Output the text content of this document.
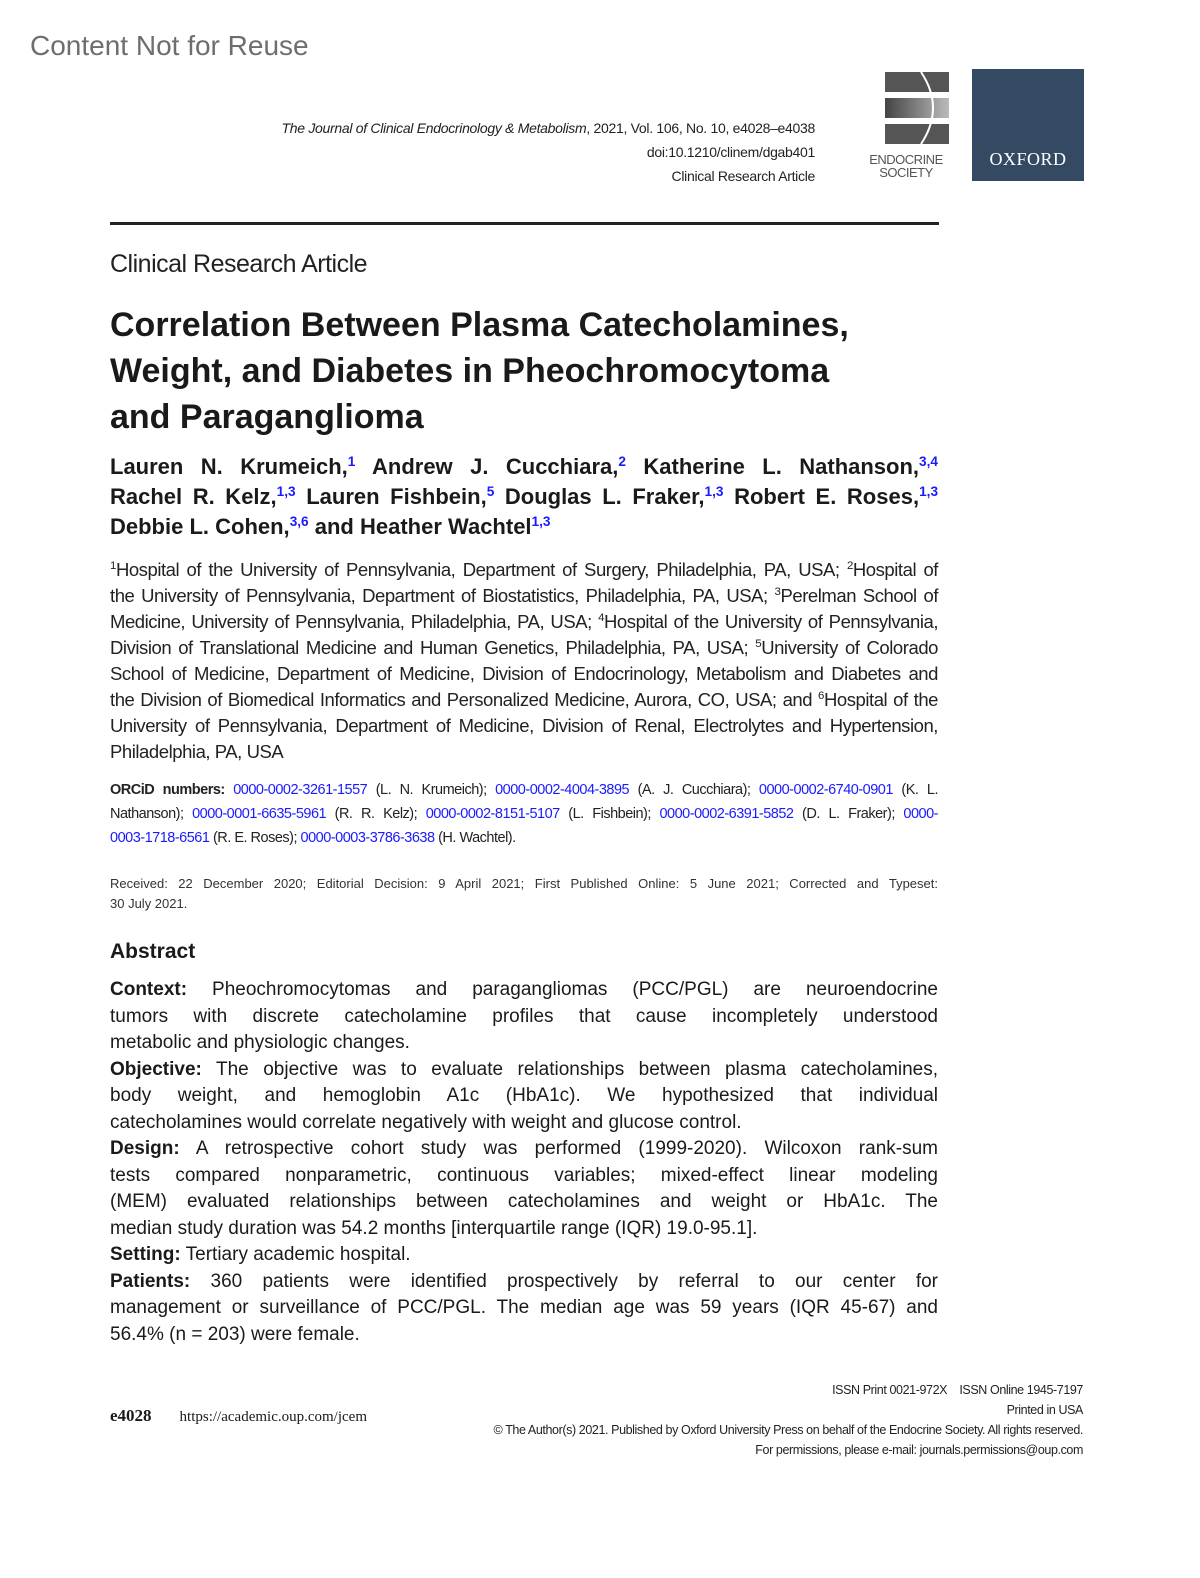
Content Not for Reuse
The Journal of Clinical Endocrinology & Metabolism, 2021, Vol. 106, No. 10, e4028–e4038
doi:10.1210/clinem/dgab401
Clinical Research Article
ENDOCRINE
SOCIETY
OXFORD
Clinical Research Article
Correlation Between Plasma Catecholamines,
Weight, and Diabetes in Pheochromocytoma
and Paraganglioma
Lauren N. Krumeich,$^1$ Andrew J. Cucchiara,$^2$ Katherine L. Nathanson,$^{3,4}$
Rachel R. Kelz,$^{1,3}$ Lauren Fishbein,$^5$ Douglas L. Fraker,$^{1,3}$ Robert E. Roses,$^{1,3}$
Debbie L. Cohen,$^{3,6}$ and Heather Wachtel$^{1,3}$
$^1$Hospital of the University of Pennsylvania, Department of Surgery, Philadelphia, PA, USA; $^2$Hospital of
the University of Pennsylvania, Department of Biostatistics, Philadelphia, PA, USA; $^3$Perelman School of
Medicine, University of Pennsylvania, Philadelphia, PA, USA; $^4$Hospital of the University of Pennsylvania,
Division of Translational Medicine and Human Genetics, Philadelphia, PA, USA; $^5$University of Colorado
School of Medicine, Department of Medicine, Division of Endocrinology, Metabolism and Diabetes and
the Division of Biomedical Informatics and Personalized Medicine, Aurora, CO, USA; and $^6$Hospital of the
University of Pennsylvania, Department of Medicine, Division of Renal, Electrolytes and Hypertension,
Philadelphia, PA, USA
ORCiD numbers: 0000-0002-3261-1557 (L. N. Krumeich); 0000-0002-4004-3895 (A. J. Cucchiara); 0000-0002-6740-0901 (K. L.
Nathanson); 0000-0001-6635-5961 (R. R. Kelz); 0000-0002-8151-5107 (L. Fishbein); 0000-0002-6391-5852 (D. L. Fraker); 0000-
0003-1718-6561 (R. E. Roses); 0000-0003-3786-3638 (H. Wachtel).
Received: 22 December 2020; Editorial Decision: 9 April 2021; First Published Online: 5 June 2021; Corrected and Typeset:
30 July 2021.
Abstract
Context: Pheochromocytomas and paragangliomas (PCC/PGL) are neuroendocrine
tumors with discrete catecholamine profiles that cause incompletely understood
metabolic and physiologic changes.
Objective: The objective was to evaluate relationships between plasma catecholamines,
body weight, and hemoglobin A1c (HbA1c). We hypothesized that individual
catecholamines would correlate negatively with weight and glucose control.
Design: A retrospective cohort study was performed (1999-2020). Wilcoxon rank-sum
tests compared nonparametric, continuous variables; mixed-effect linear modeling
(MEM) evaluated relationships between catecholamines and weight or HbA1c. The
median study duration was 54.2 months [interquartile range (IQR) 19.0-95.1].
Setting: Tertiary academic hospital.
Patients: 360 patients were identified prospectively by referral to our center for
management or surveillance of PCC/PGL. The median age was 59 years (IQR 45-67) and
56.4% (n = 203) were female.
e4028 https://academic.oup.com/jcem
ISSN Print 0021-972X    ISSN Online 1945-7197
Printed in USA
© The Author(s) 2021. Published by Oxford University Press on behalf of the Endocrine Society. All rights reserved.
For permissions, please e-mail: journals.permissions@oup.com
